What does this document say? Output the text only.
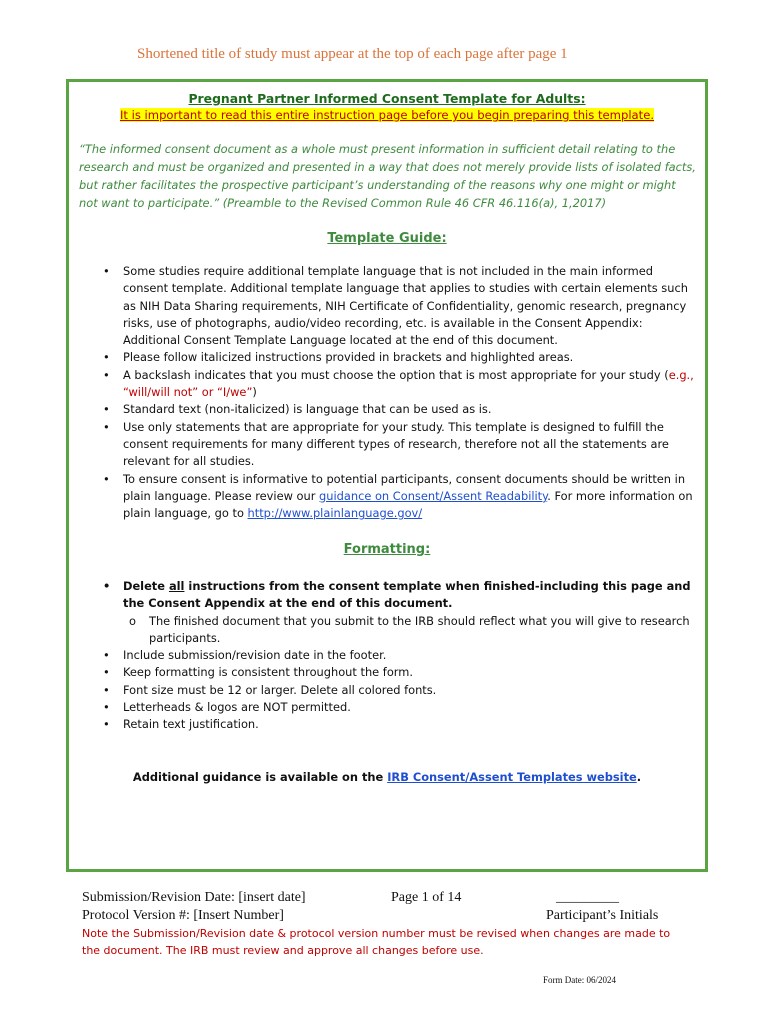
Shortened title of study must appear at the top of each page after page 1
Pregnant Partner Informed Consent Template for Adults:
It is important to read this entire instruction page before you begin preparing this template.
“The informed consent document as a whole must present information in sufficient detail relating to the research and must be organized and presented in a way that does not merely provide lists of isolated facts, but rather facilitates the prospective participant’s understanding of the reasons why one might or might not want to participate.” (Preamble to the Revised Common Rule 46 CFR 46.116(a), 1,2017)
Template Guide:
• Some studies require additional template language that is not included in the main informed consent template. Additional template language that applies to studies with certain elements such as NIH Data Sharing requirements, NIH Certificate of Confidentiality, genomic research, pregnancy risks, use of photographs, audio/video recording, etc. is available in the Consent Appendix: Additional Consent Template Language located at the end of this document.
• Please follow italicized instructions provided in brackets and highlighted areas.
• A backslash indicates that you must choose the option that is most appropriate for your study (e.g., “will/will not” or “I/we”)
• Standard text (non-italicized) is language that can be used as is.
• Use only statements that are appropriate for your study. This template is designed to fulfill the consent requirements for many different types of research, therefore not all the statements are relevant for all studies.
• To ensure consent is informative to potential participants, consent documents should be written in plain language. Please review our guidance on Consent/Assent Readability. For more information on plain language, go to http://www.plainlanguage.gov/
Formatting:
• Delete all instructions from the consent template when finished-including this page and the Consent Appendix at the end of this document.
o The finished document that you submit to the IRB should reflect what you will give to research participants.
• Include submission/revision date in the footer.
• Keep formatting is consistent throughout the form.
• Font size must be 12 or larger. Delete all colored fonts.
• Letterheads & logos are NOT permitted.
• Retain text justification.
Additional guidance is available on the IRB Consent/Assent Templates website.
Submission/Revision Date: [insert date]	Page 1 of 14	_________
Protocol Version #: [Insert Number]	Participant’s Initials
Note the Submission/Revision date & protocol version number must be revised when changes are made to the document. The IRB must review and approve all changes before use.
Form Date: 06/2024
